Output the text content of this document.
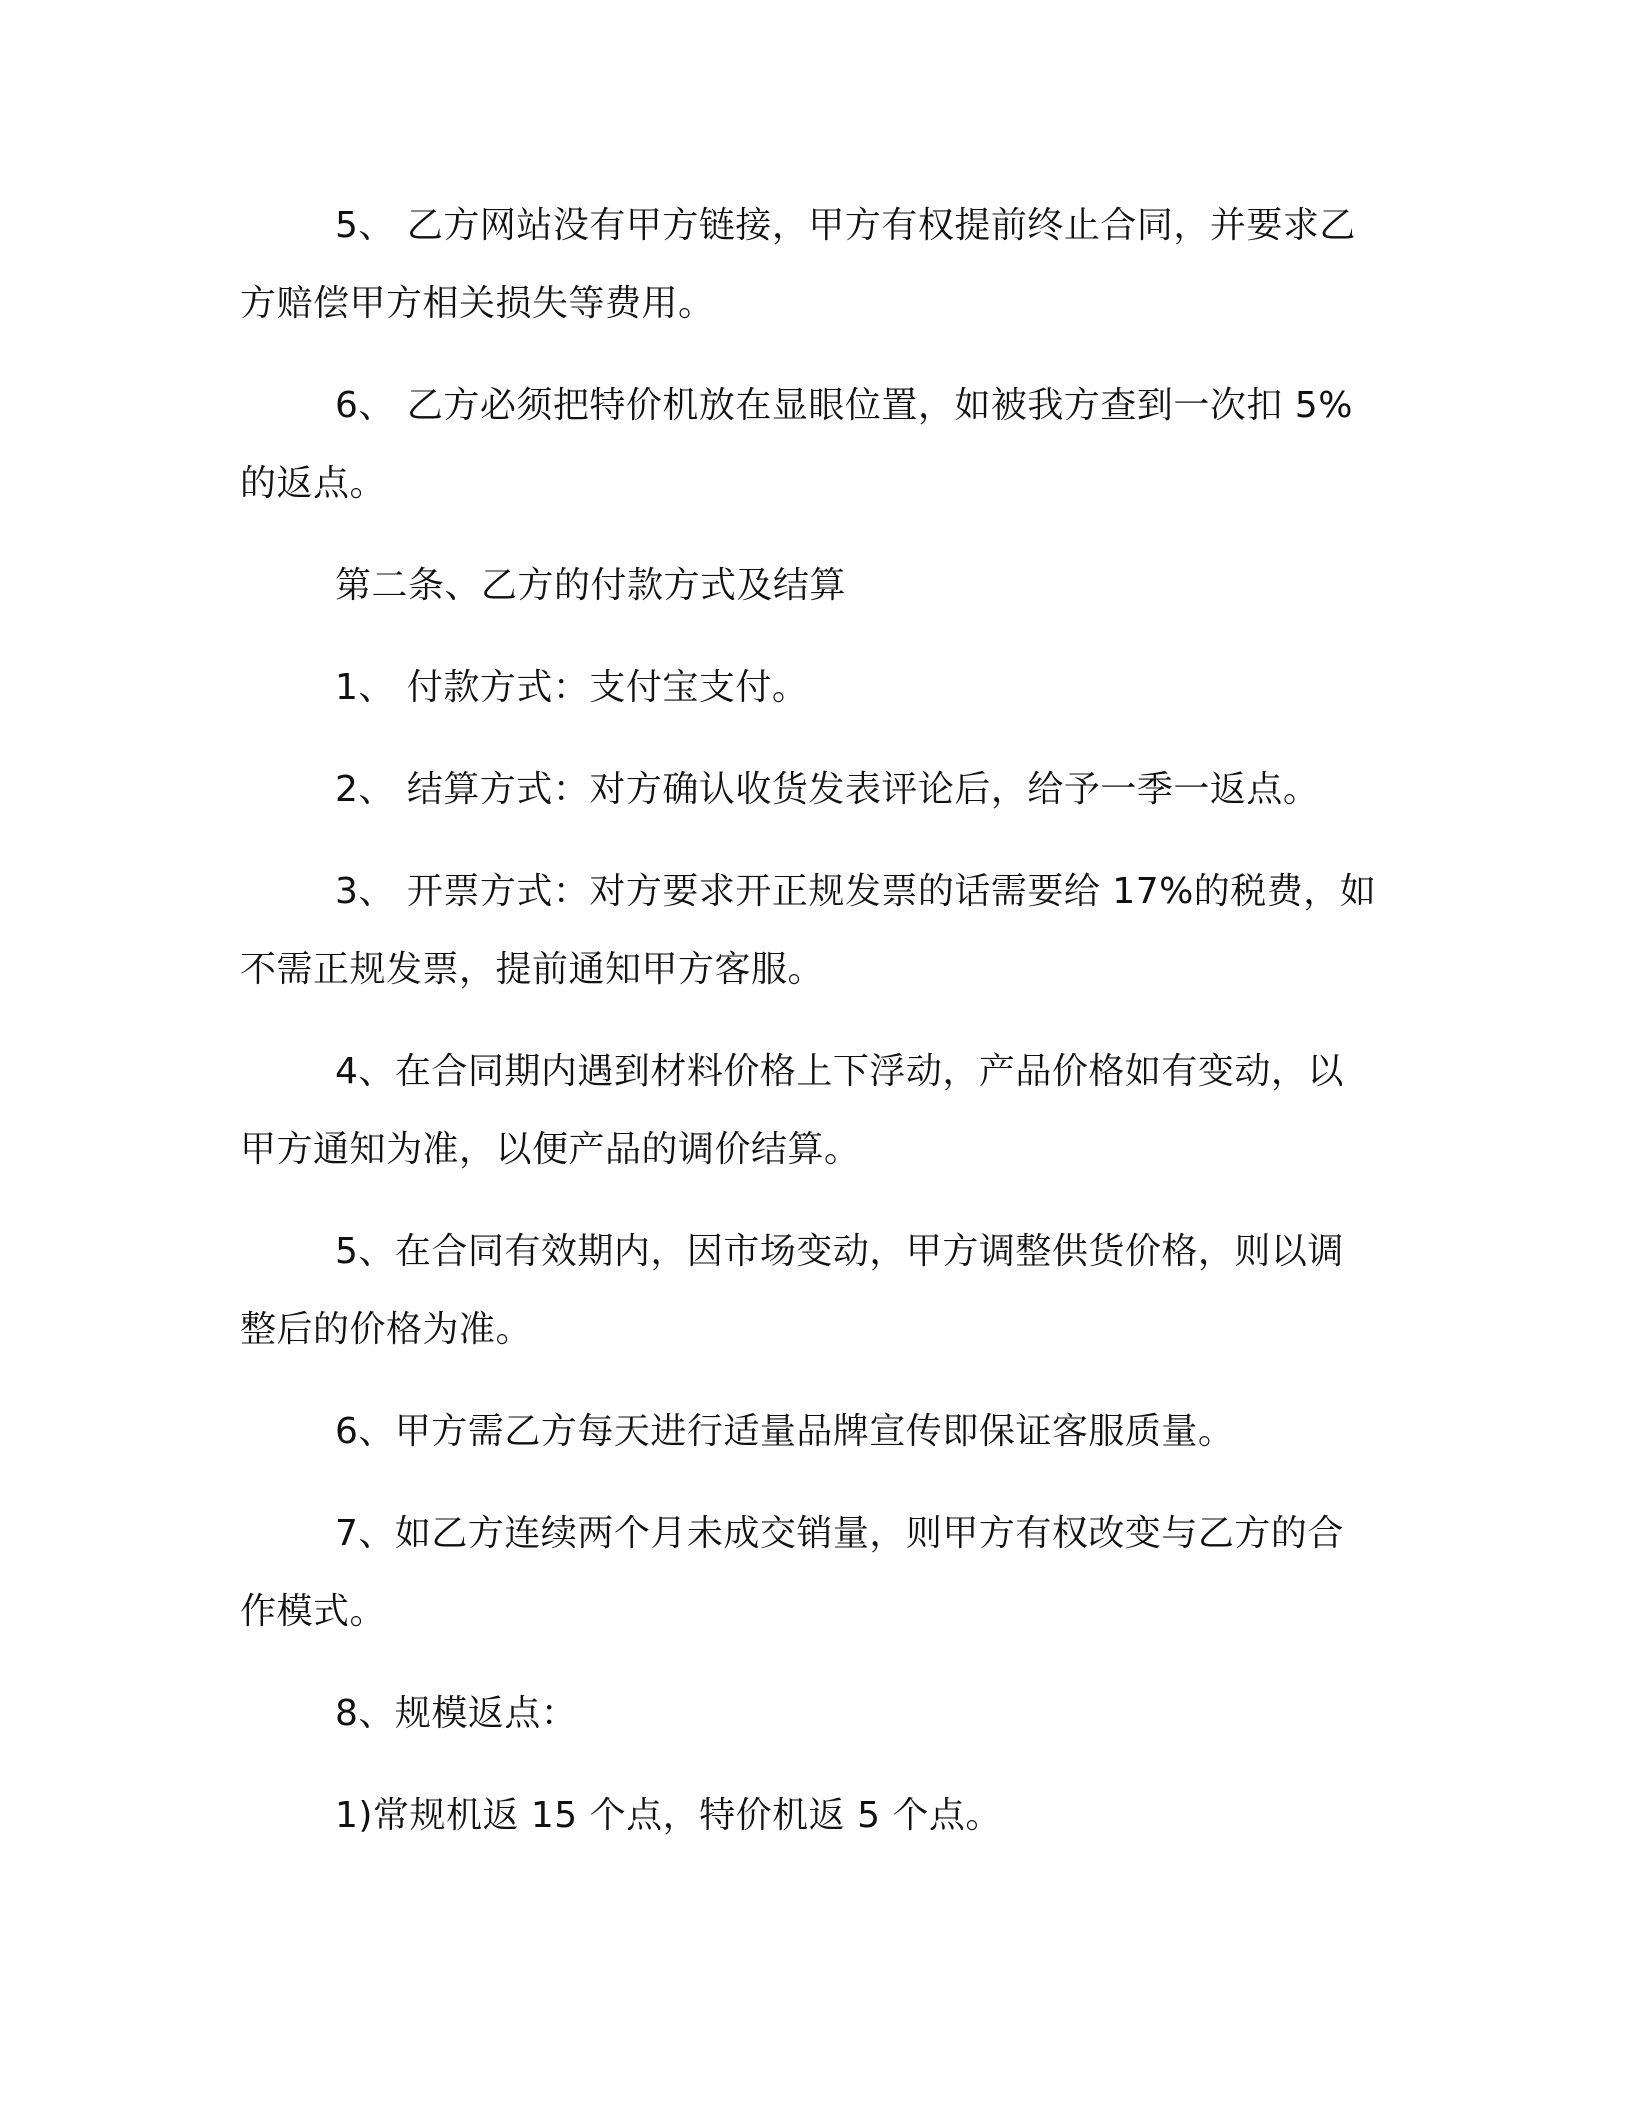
5、 乙方网站没有甲方链接，甲方有权提前终止合同，并要求乙方赔偿甲方相关损失等费用。

6、 乙方必须把特价机放在显眼位置，如被我方查到一次扣 5%的返点。

第二条、乙方的付款方式及结算

1、 付款方式：支付宝支付。

2、 结算方式：对方确认收货发表评论后，给予一季一返点。

3、 开票方式：对方要求开正规发票的话需要给 17%的税费，如不需正规发票，提前通知甲方客服。

4、在合同期内遇到材料价格上下浮动，产品价格如有变动，以甲方通知为准，以便产品的调价结算。

5、在合同有效期内，因市场变动，甲方调整供货价格，则以调整后的价格为准。

6、甲方需乙方每天进行适量品牌宣传即保证客服质量。

7、如乙方连续两个月未成交销量，则甲方有权改变与乙方的合作模式。

8、规模返点：

1)常规机返 15 个点，特价机返 5 个点。
